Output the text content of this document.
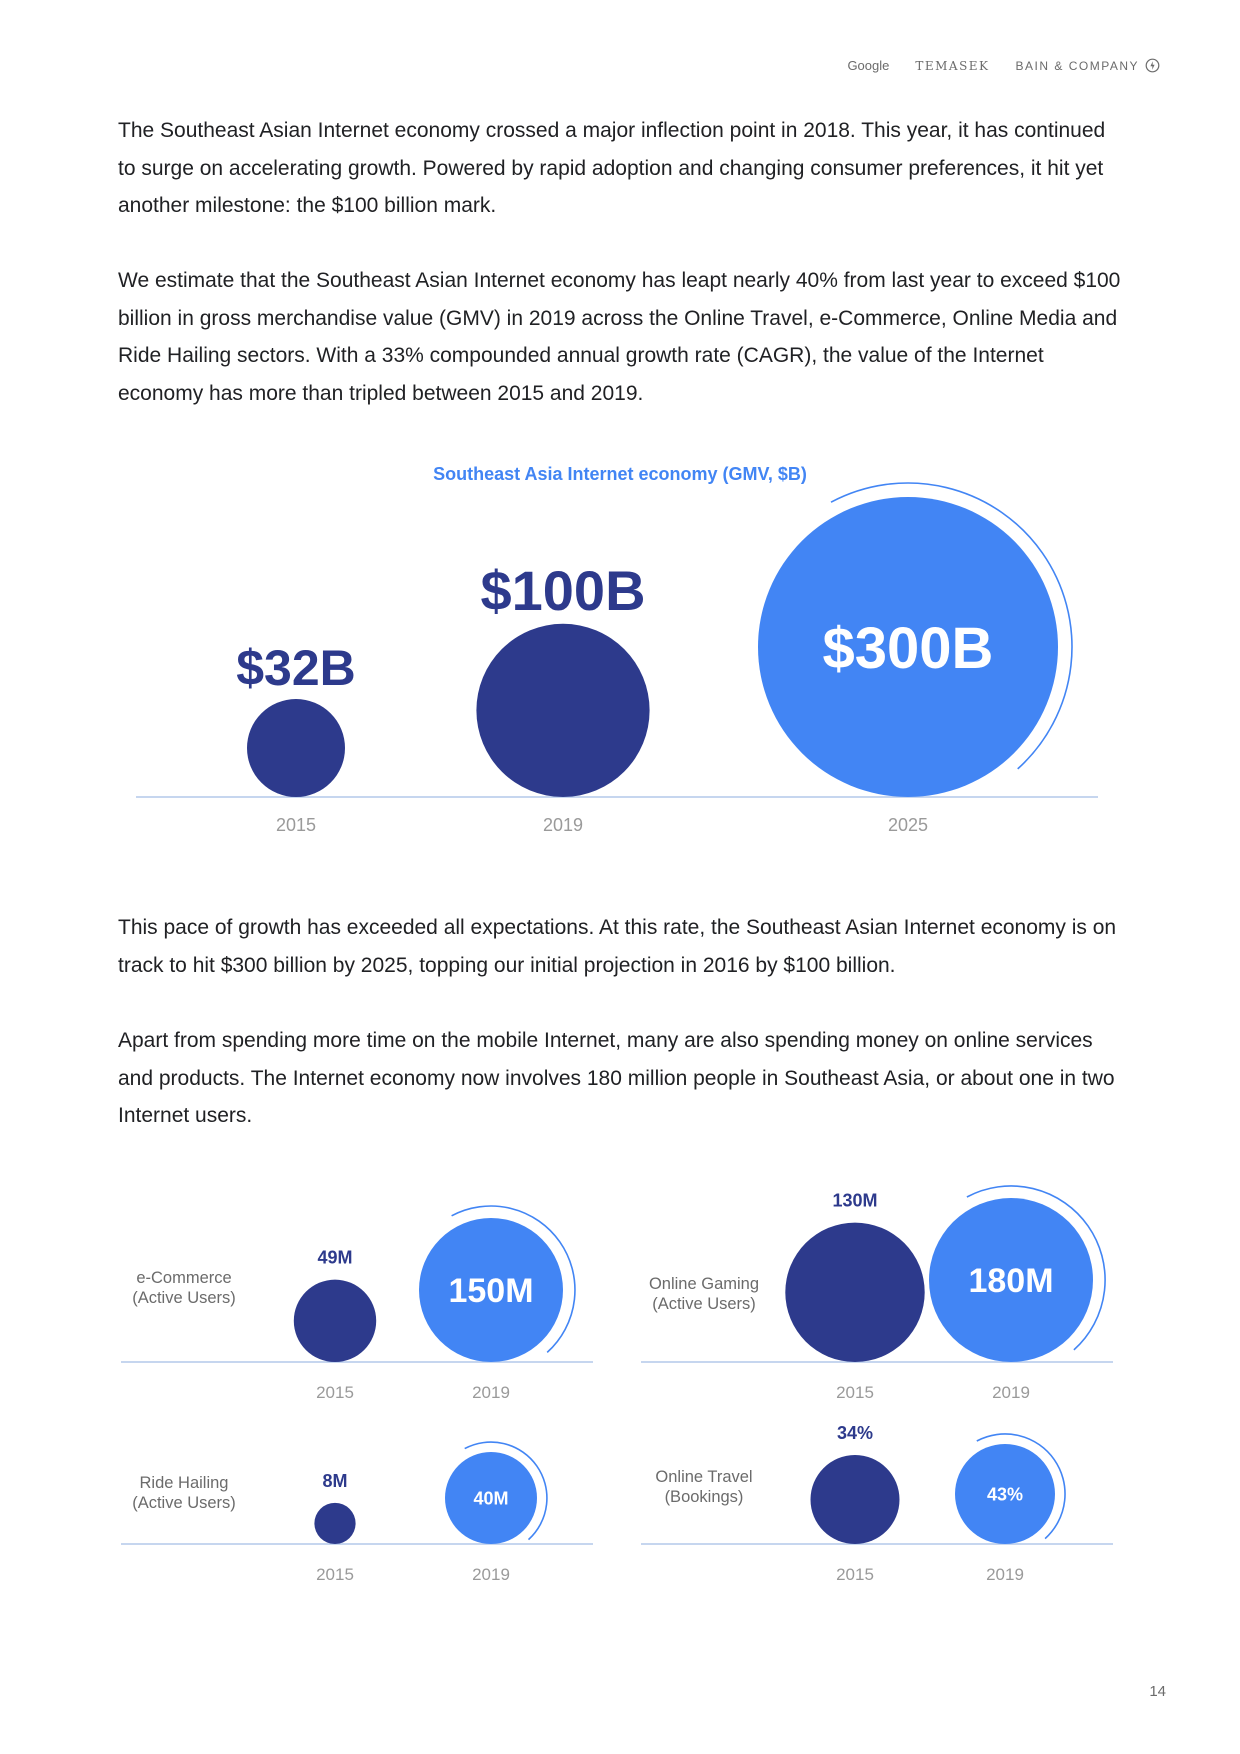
Google TEMASEK BAIN & COMPANY

The Southeast Asian Internet economy crossed a major inflection point in 2018. This year, it has continued to surge on accelerating growth. Powered by rapid adoption and changing consumer preferences, it hit yet another milestone: the $100 billion mark.

We estimate that the Southeast Asian Internet economy has leapt nearly 40% from last year to exceed $100 billion in gross merchandise value (GMV) in 2019 across the Online Travel, e-Commerce, Online Media and Ride Hailing sectors. With a 33% compounded annual growth rate (CAGR), the value of the Internet economy has more than tripled between 2015 and 2019.

Southeast Asia Internet economy (GMV, $B)

This pace of growth has exceeded all expectations. At this rate, the Southeast Asian Internet economy is on track to hit $300 billion by 2025, topping our initial projection in 2016 by $100 billion.

Apart from spending more time on the mobile Internet, many are also spending money on online services and products. The Internet economy now involves 180 million people in Southeast Asia, or about one in two Internet users.

$32B
2015
$100B
2019
$300B
2025
e-Commerce
(Active Users)
49M
2015
150M
2019
Online Gaming
(Active Users)
130M
2015
180M
2019
Ride Hailing
(Active Users)
8M
2015
40M
2019
Online Travel
(Bookings)
34%
2015
43%
2019
14
